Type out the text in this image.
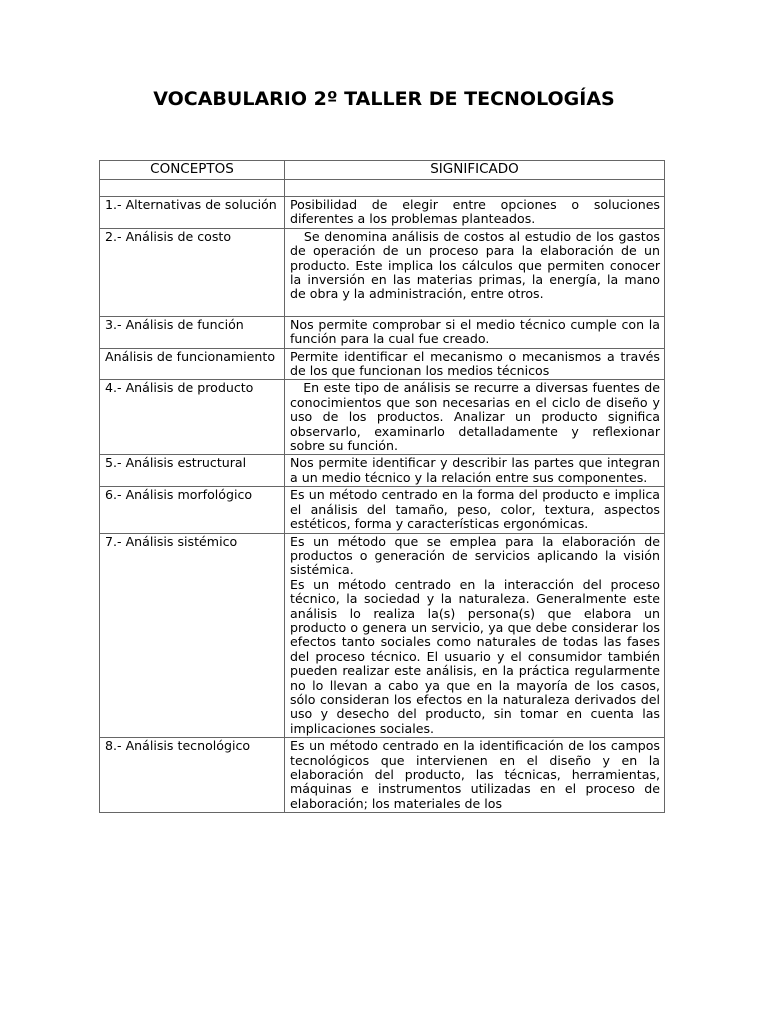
VOCABULARIO 2º TALLER DE TECNOLOGÍAS
CONCEPTOS	SIGNIFICADO

1.- Alternativas de solución	Posibilidad de elegir entre opciones o soluciones diferentes a los problemas planteados.
2.- Análisis de costo	Se denomina análisis de costos al estudio de los gastos de operación de un proceso para la elaboración de un producto. Este implica los cálculos que permiten conocer la inversión en las materias primas, la energía, la mano de obra y la administración, entre otros.
3.- Análisis de función	Nos permite comprobar si el medio técnico cumple con la función para la cual fue creado.
Análisis de funcionamiento	Permite identificar el mecanismo o mecanismos a través de los que funcionan los medios técnicos
4.- Análisis de producto	En este tipo de análisis se recurre a diversas fuentes de conocimientos que son necesarias en el ciclo de diseño y uso de los productos. Analizar un producto significa observarlo, examinarlo detalladamente y reflexionar sobre su función.
5.- Análisis estructural	Nos permite identificar y describir las partes que integran a un medio técnico y la relación entre sus componentes.
6.- Análisis morfológico	Es un método centrado en la forma del producto e implica el análisis del tamaño, peso, color, textura, aspectos estéticos, forma y características ergonómicas.
7.- Análisis sistémico	Es un método que se emplea para la elaboración de productos o generación de servicios aplicando la visión sistémica.
Es un método centrado en la interacción del proceso técnico, la sociedad y la naturaleza. Generalmente este análisis lo realiza la(s) persona(s) que elabora un producto o genera un servicio, ya que debe considerar los efectos tanto sociales como naturales de todas las fases del proceso técnico. El usuario y el consumidor también pueden realizar este análisis, en la práctica regularmente no lo llevan a cabo ya que en la mayoría de los casos, sólo consideran los efectos en la naturaleza derivados del uso y desecho del producto, sin tomar en cuenta las implicaciones sociales.

8.- Análisis tecnológico	Es un método centrado en la identificación de los campos tecnológicos que intervienen en el diseño y en la elaboración del producto, las técnicas, herramientas, máquinas e instrumentos utilizadas en el proceso de elaboración; los materiales de los
